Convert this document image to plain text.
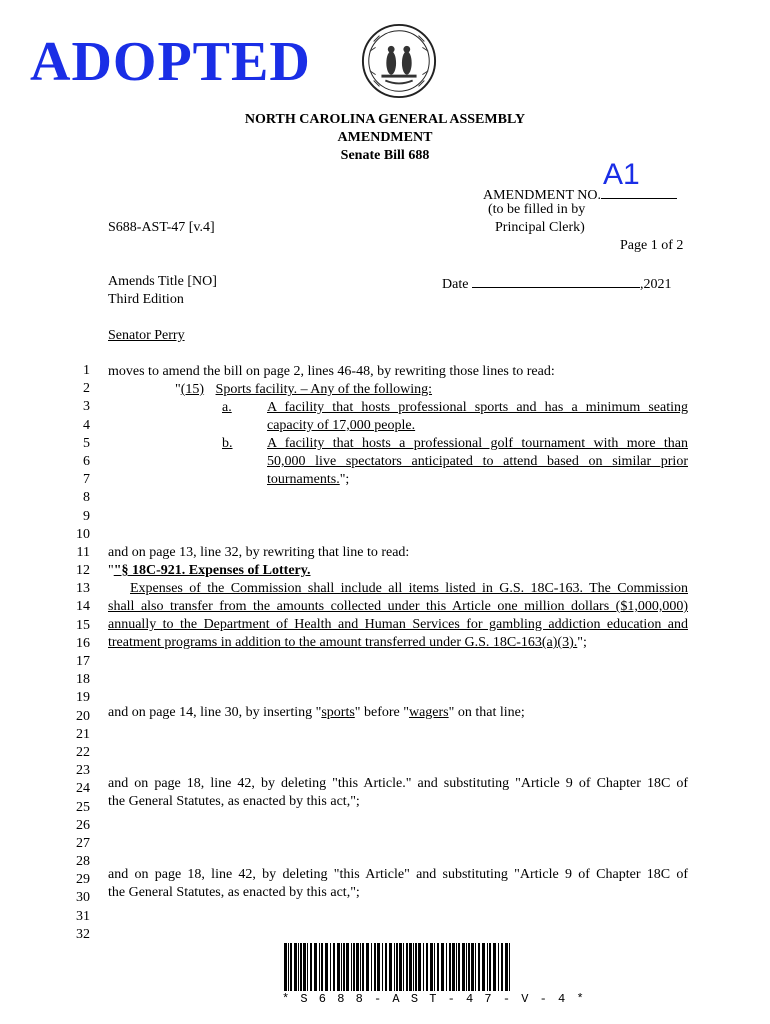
ADOPTED
NORTH CAROLINA GENERAL ASSEMBLY
AMENDMENT
Senate Bill 688
AMENDMENT NO.
A1
(to be filled in by
Principal Clerk)
S688-AST-47 [v.4]
Page 1 of 2
Amends Title [NO]
Third Edition
Date	,2021
Senator Perry
1
2
3
4
5
6
7
8
9
10
11
12
13
14
15
16
17
18
19
20
21
22
23
24
25
26
27
28
29
30
31
32
moves to amend the bill on page 2, lines 46-48, by rewriting those lines to read:
"(15) Sports facility. – Any of the following:
a.	A facility that hosts professional sports and has a minimum seating
capacity of 17,000 people.
b. A facility that hosts a professional golf tournament with more than
50,000 live spectators anticipated to attend based on similar prior
tournaments.";
and on page 13, line 32, by rewriting that line to read:
""§ 18C-921. Expenses of Lottery.
Expenses of the Commission shall include all items listed in G.S. 18C-163. The Commission
shall also transfer from the amounts collected under this Article one million dollars ($1,000,000)
annually to the Department of Health and Human Services for gambling addiction education and
treatment programs in addition to the amount transferred under G.S. 18C-163(a)(3).";
and on page 14, line 30, by inserting "sports" before "wagers" on that line;
and on page 18, line 42, by deleting "this Article." and substituting "Article 9 of Chapter 18C of
the General Statutes, as enacted by this act,";
and on page 18, line 42, by deleting "this Article" and substituting "Article 9 of Chapter 18C of
the General Statutes, as enacted by this act,";
* S 6 8 8 - A S T - 4 7 - V - 4 *
